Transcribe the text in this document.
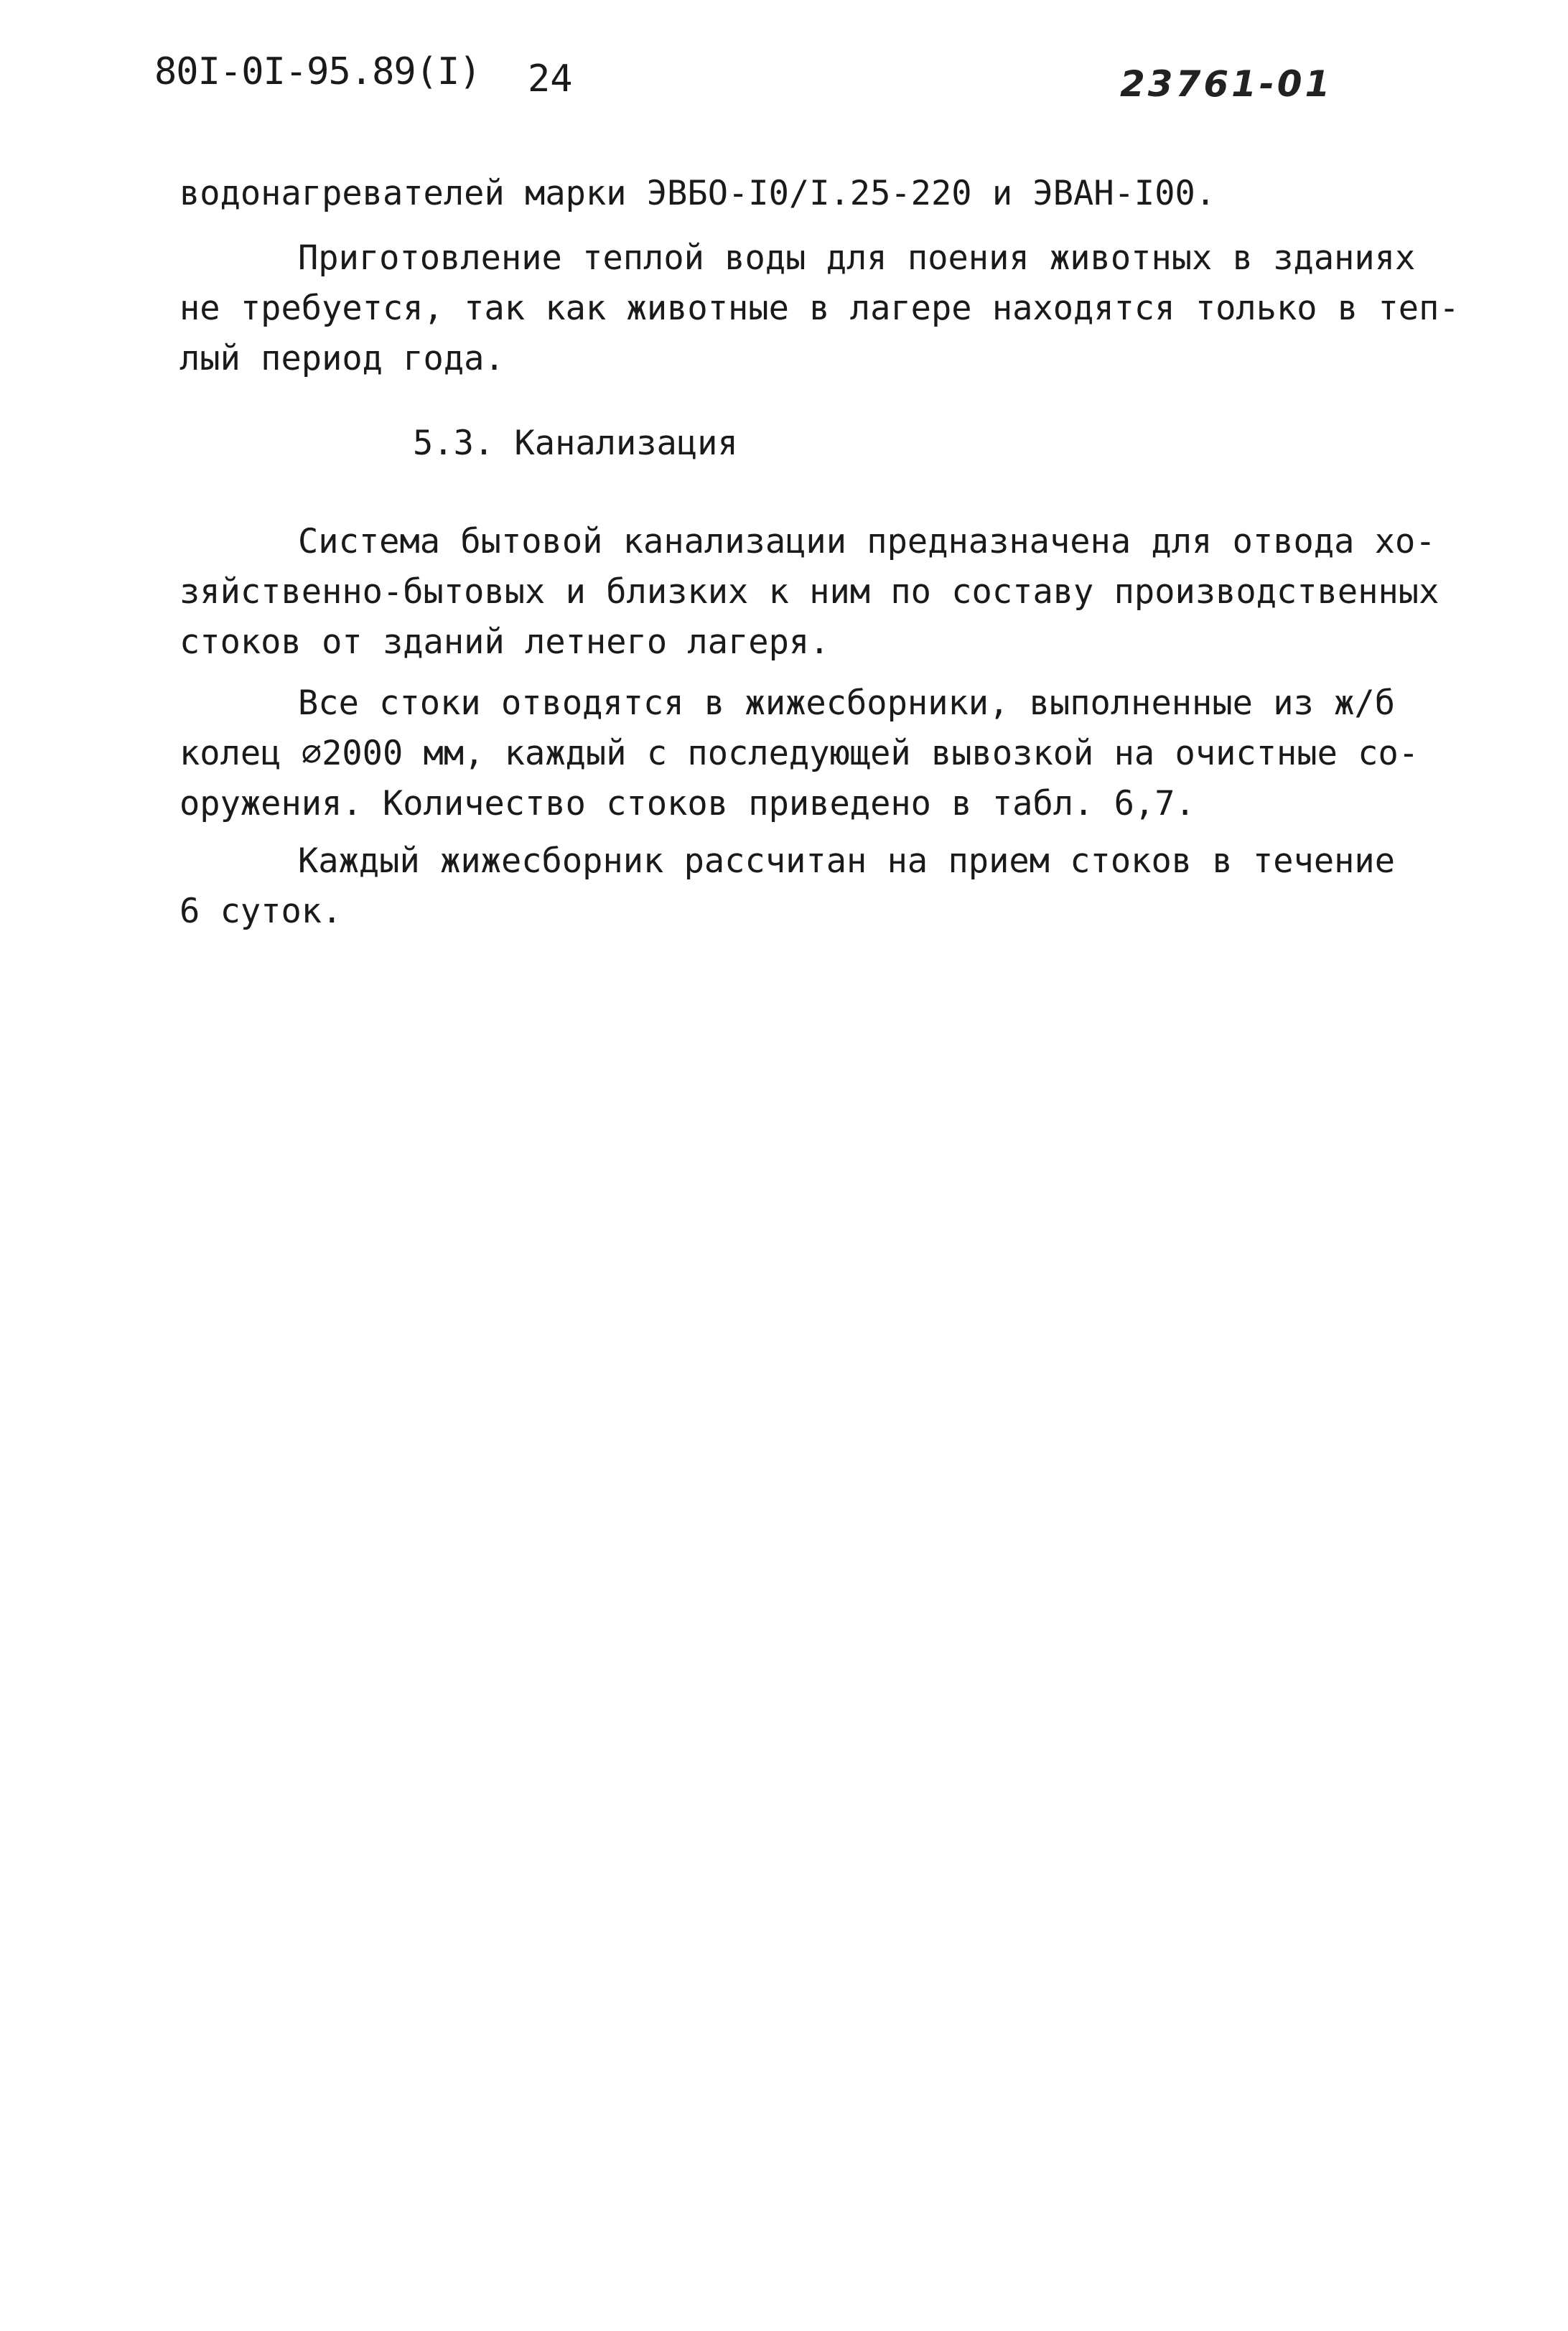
80I-0I-95.89(I) 24	23761-01
водонагревателей марки ЭВБО-I0/I.25-220 и ЭВАН-I00.
Приготовление теплой воды для поения животных в зданиях
не требуется, так как животные в лагере находятся только в теп-
лый период года.
5.3. Канализация
Система бытовой канализации предназначена для отвода хо-
зяйственно-бытовых и близких к ним по составу производственных
стоков от зданий летнего лагеря.
Все стоки отводятся в жижесборники, выполненные из ж/б
колец ∅2000 мм, каждый с последующей вывозкой на очистные со-
оружения. Количество стоков приведено в табл. 6,7.
Каждый жижесборник рассчитан на прием стоков в течение
6 суток.
